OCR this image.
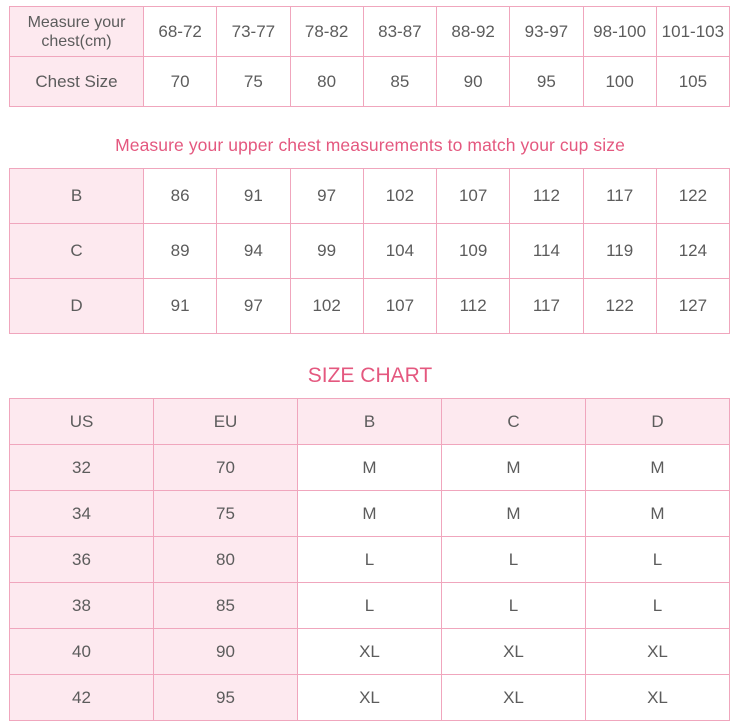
Measure your chest(cm)	68-72	73-77	78-82	83-87	88-92	93-97	98-100	101-103
Chest Size	70	75	80	85	90	95	100	105
Measure your upper chest measurements to match your cup size
B	86	91	97	102	107	112	117	122
C	89	94	99	104	109	114	119	124
D	91	97	102	107	112	117	122	127
SIZE CHART
US	EU	B	C	D
32	70	M	M	M
34	75	M	M	M
36	80	L	L	L
38	85	L	L	L
40	90	XL	XL	XL
42	95	XL	XL	XL
